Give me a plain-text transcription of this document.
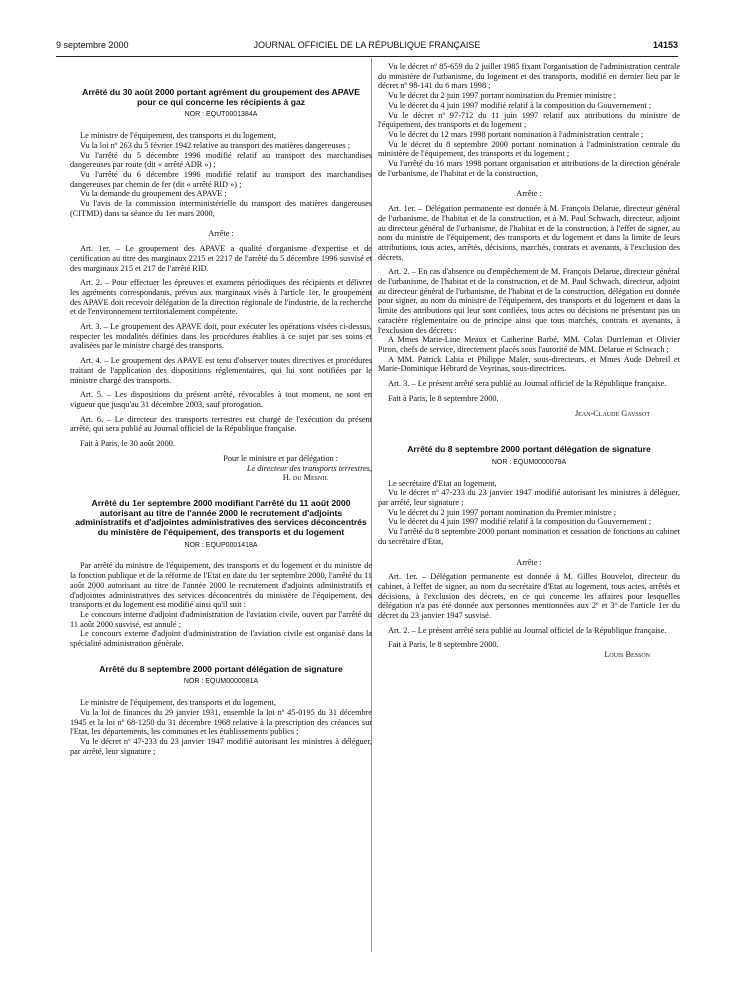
9 septembre 2000	JOURNAL OFFICIEL DE LA RÉPUBLIQUE FRANÇAISE	14153

Arrêté du 30 août 2000 portant agrément du groupement des APAVE pour ce qui concerne les récipients à gaz

NOR : EQUT0001384A

Le ministre de l'équipement, des transports et du logement,

Vu la loi nº 263 du 5 février 1942 relative au transport des matières dangereuses ;

Vu l'arrêté du 5 décembre 1996 modifié relatif au transport des marchandises dangereuses par route (dit « arrêté ADR ») ;

Vu l'arrêté du 6 décembre 1996 modifié relatif au transport des marchandises dangereuses par chemin de fer (dit « arrêté RID ») ;

Vu la demande du groupement des APAVE ;

Vu l'avis de la commission interministérielle du transport des matières dangereuses (CITMD) dans sa séance du 1er mars 2000,

Arrête :

Art. 1er. – Le groupement des APAVE a qualité d'organisme d'expertise et de certification au titre des marginaux 2215 et 2217 de l'arrêté du 5 décembre 1996 susvisé et des marginaux 215 et 217 de l'arrêté RID.

Art. 2. – Pour effectuer les épreuves et examens périodiques des récipients et délivrer les agréments correspondants, prévus aux marginaux visés à l'article 1er, le groupement des APAVE doit recevoir délégation de la direction régionale de l'industrie, de la recherche et de l'environnement territorialement compétente.

Art. 3. – Le groupement des APAVE doit, pour exécuter les opérations visées ci-dessus, respecter les modalités définies dans les procédures établies à ce sujet par ses soins et avalisées par le ministre chargé des transports.

Art. 4. – Le groupement des APAVE est tenu d'observer toutes directives et procédures traitant de l'application des dispositions réglementaires, qui lui sont notifiées par le ministre chargé des transports.

Art. 5. – Les dispositions du présent arrêté, révocables à tout moment, ne sont en vigueur que jusqu'au 31 décembre 2003, sauf prorogation.

Art. 6. – Le directeur des transports terrestres est chargé de l'exécution du présent arrêté, qui sera publié au Journal officiel de la République française.

Fait à Paris, le 30 août 2000.

Pour le ministre et par délégation :

Le directeur des transports terrestres,

H. du Mesnil

Arrêté du 1er septembre 2000 modifiant l'arrêté du 11 août 2000 autorisant au titre de l'année 2000 le recrutement d'adjoints administratifs et d'adjointes administratives des services déconcentrés du ministère de l'équipement, des transports et du logement

NOR : EQUP0001418A

Par arrêté du ministre de l'équipement, des transports et du logement et du ministre de la fonction publique et de la réforme de l'Etat en date du 1er septembre 2000, l'arrêté du 11 août 2000 autorisant au titre de l'année 2000 le recrutement d'adjoints administratifs et d'adjointes administratives des services déconcentrés du ministère de l'équipement, des transports et du logement est modifié ainsi qu'il suit :

Le concours interne d'adjoint d'administration de l'aviation civile, ouvert par l'arrêté du 11 août 2000 susvisé, est annulé ;

Le concours externe d'adjoint d'administration de l'aviation civile est organisé dans la spécialité administration générale.

Arrêté du 8 septembre 2000 portant délégation de signature

NOR : EQUM0000081A

Le ministre de l'équipement, des transports et du logement,

Vu la loi de finances du 29 janvier 1931, ensemble la loi nº 45-0195 du 31 décembre 1945 et la loi nº 68-1250 du 31 décembre 1968 relative à la prescription des créances sur l'Etat, les départements, les communes et les établissements publics ;

Vu le décret nº 47-233 du 23 janvier 1947 modifié autorisant les ministres à déléguer, par arrêté, leur signature ;

Vu le décret nº 85-659 du 2 juillet 1985 fixant l'organisation de l'administration centrale du ministère de l'urbanisme, du logement et des transports, modifié en dernier lieu par le décret nº 98-141 du 6 mars 1998 ;

Vu le décret du 2 juin 1997 portant nomination du Premier ministre ;

Vu le décret du 4 juin 1997 modifié relatif à la composition du Gouvernement ;

Vu le décret nº 97-712 du 11 juin 1997 relatif aux attributions du ministre de l'équipement, des transports et du logement ;

Vu le décret du 12 mars 1998 portant nomination à l'administration centrale ;

Vu le décret du 8 septembre 2000 portant nomination à l'administration centrale du ministère de l'équipement, des transports et du logement ;

Vu l'arrêté du 16 mars 1998 portant organisation et attributions de la direction générale de l'urbanisme, de l'habitat et de la construction,

Arrête :

Art. 1er. – Délégation permanente est donnée à M. François Delarue, directeur général de l'urbanisme, de l'habitat et de la construction, et à M. Paul Schwach, directeur, adjoint au directeur général de l'urbanisme, de l'habitat et de la construction, à l'effet de signer, au nom du ministre de l'équipement, des transports et du logement et dans la limite de leurs attributions, tous actes, arrêtés, décisions, marchés, contrats et avenants, à l'exclusion des décrets.

Art. 2. – En cas d'absence ou d'empêchement de M. François Delarue, directeur général de l'urbanisme, de l'habitat et de la construction, et de M. Paul Schwach, directeur, adjoint au directeur général de l'urbanisme, de l'habitat et de la construction, délégation est donnée pour signer, au nom du ministre de l'équipement, des transports et du logement et dans la limite des attributions qui leur sont confiées, tous actes ou décisions ne présentant pas un caractère réglementaire ou de principe ainsi que tous marchés, contrats et avenants, à l'exclusion des décrets :

A Mmes Marie-Line Meaux et Catherine Barbé, MM. Colas Durrleman et Olivier Piron, chefs de service, directement placés sous l'autorité de MM. Delarue et Schwach ;

A MM. Patrick Labia et Philippe Maler, sous-directeurs, et Mmes Aude Debreil et Marie-Dominique Hébrard de Veyrinas, sous-directrices.

Art. 3. – Le présent arrêté sera publié au Journal officiel de la République française.

Fait à Paris, le 8 septembre 2000.

Jean-Claude Gayssot

Arrêté du 8 septembre 2000 portant délégation de signature

NOR : EQUM0000079A

Le secrétaire d'Etat au logement,

Vu le décret nº 47-233 du 23 janvier 1947 modifié autorisant les ministres à déléguer, par arrêté, leur signature ;

Vu le décret du 2 juin 1997 portant nomination du Premier ministre ;

Vu le décret du 4 juin 1997 modifié relatif à la composition du Gouvernement ;

Vu l'arrêté du 8 septembre 2000 portant nomination et cessation de fonctions au cabinet du secrétaire d'Etat,

Arrête :

Art. 1er. – Délégation permanente est donnée à M. Gilles Bouvelot, directeur du cabinet, à l'effet de signer, au nom du secrétaire d'Etat au logement, tous actes, arrêtés et décisions, à l'exclusion des décrets, en ce qui concerne les affaires pour lesquelles délégation n'a pas été donnée aux personnes mentionnées aux 2º et 3º de l'article 1er du décret du 23 janvier 1947 susvisé.

Art. 2. – Le présent arrêté sera publié au Journal officiel de la République française.

Fait à Paris, le 8 septembre 2000.

Louis Besson
